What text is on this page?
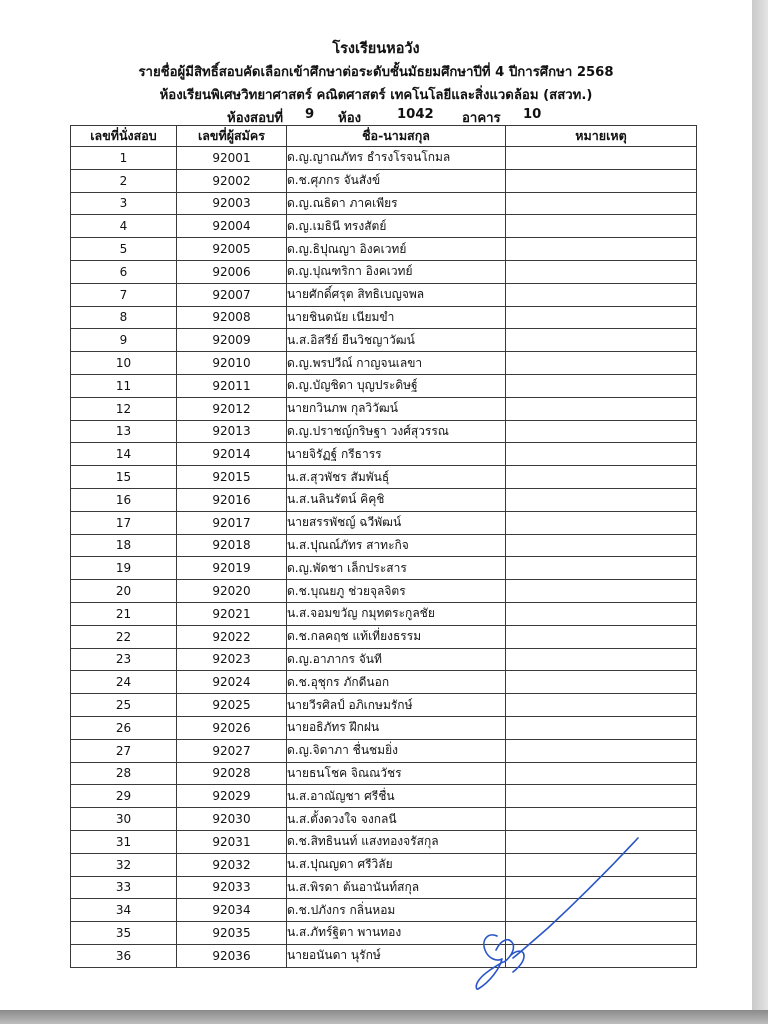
โรงเรียนหอวัง
รายชื่อผู้มีสิทธิ์สอบคัดเลือกเข้าศึกษาต่อระดับชั้นมัธยมศึกษาปีที่ 4 ปีการศึกษา 2568
ห้องเรียนพิเศษวิทยาศาสตร์ คณิตศาสตร์ เทคโนโลยีและสิ่งแวดล้อม (สสวท.)
ห้องสอบที่ 9 ห้อง	1042 อาคาร 10
เลขที่นั่งสอบ	เลขที่ผู้สมัคร	ชื่อ-นามสกุล	หมายเหตุ
1	92001	ด.ญ.ญาณภัทร ธำรงโรจนโกมล	
2	92002	ด.ช.ศุภกร จันสังข์	
3	92003	ด.ญ.ณธิดา ภาคเพียร	
4	92004	ด.ญ.เมธินี ทรงสัตย์	
5	92005	ด.ญ.ธิปุณญา อิงคเวทย์	
6	92006	ด.ญ.ปุณฑริกา อิงคเวทย์	
7	92007	นายศักดิ์ศรุต สิทธิเบญจพล	
8	92008	นายชินดนัย เนียมขำ	
9	92009	น.ส.อิสรีย์ ยืนวิชญาวัฒน์	
10	92010	ด.ญ.พรปวีณ์ กาญจนเลขา	
11	92011	ด.ญ.บัญชิดา บุญประดิษฐ์	
12	92012	นายกวินภพ กุลวิวัฒน์	
13	92013	ด.ญ.ปราชญ์กริษฐา วงศ์สุวรรณ	
14	92014	นายจิรัฏฐ์ กรีธารร	
15	92015	น.ส.สุวพัชร สัมพันธุ์	
16	92016	น.ส.นลินรัตน์ คิคุชิ	
17	92017	นายสรรพัชญ์ ฉวีพัฒน์	
18	92018	น.ส.ปุณณ์ภัทร สาทะกิจ	
19	92019	ด.ญ.พัดชา เล็กประสาร	
20	92020	ด.ช.บุณยภู ช่วยจุลจิตร	
21	92021	น.ส.จอมขวัญ กมุทตระกูลชัย	
22	92022	ด.ช.กลคฤช แท้เที่ยงธรรม	
23	92023	ด.ญ.อาภากร จันที	
24	92024	ด.ช.อุชุกร ภักดีนอก	
25	92025	นายวีรศิลป์ อภิเกษมรักษ์	
26	92026	นายอธิภัทร ฝึกฝน	
27	92027	ด.ญ.จิดาภา ชื่นชมยิ่ง	
28	92028	นายธนโชค จิณณวัชร	
29	92029	น.ส.อาณัญชา ศรีชื่น	
30	92030	น.ส.ตั้งดวงใจ จงกลนี	
31	92031	ด.ช.สิทธินนท์ แสงทองจรัสกุล	
32	92032	น.ส.ปุณญดา ศรีวิลัย	
33	92033	น.ส.พิรดา ต้นอานันท์สกุล	
34	92034	ด.ช.ปภังกร กลิ่นหอม	
35	92035	น.ส.ภัทร์ฐิตา พานทอง	
36	92036	นายอนันดา นุรักษ์	
